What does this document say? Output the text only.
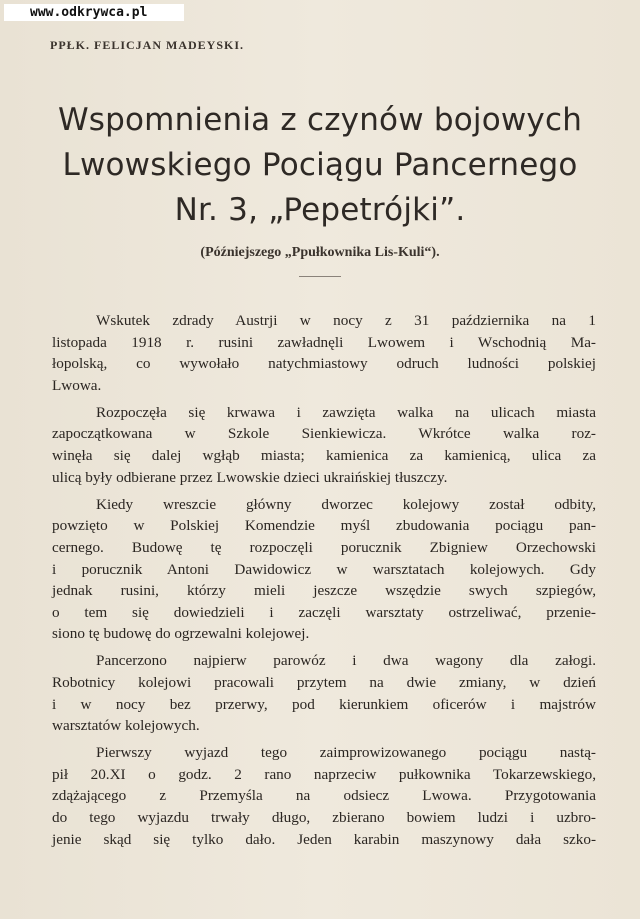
www.odkrywca.pl
PPŁK. FELICJAN MADEYSKI.
Wspomnienia z czynów bojowych
Lwowskiego Pociągu Pancernego
Nr. 3, „Pepetrójki”.
(Późniejszego „Ppułkownika Lis-Kuli“).
Wskutek zdrady Austrji w nocy z 31 października na 1
listopada 1918 r. rusini zawładnęli Lwowem i Wschodnią Ma-
łopolską, co wywołało natychmiastowy odruch ludności polskiej
Lwowa.
Rozpoczęła się krwawa i zawzięta walka na ulicach miasta
zapoczątkowana w Szkole Sienkiewicza. Wkrótce walka roz-
winęła się dalej wgłąb miasta; kamienica za kamienicą, ulica za
ulicą były odbierane przez Lwowskie dzieci ukraińskiej tłuszczy.
Kiedy wreszcie główny dworzec kolejowy został odbity,
powzięto w Polskiej Komendzie myśl zbudowania pociągu pan-
cernego. Budowę tę rozpoczęli porucznik Zbigniew Orzechowski
i porucznik Antoni Dawidowicz w warsztatach kolejowych. Gdy
jednak rusini, którzy mieli jeszcze wszędzie swych szpiegów,
o tem się dowiedzieli i zaczęli warsztaty ostrzeliwać, przenie-
siono tę budowę do ogrzewalni kolejowej.
Pancerzono najpierw parowóz i dwa wagony dla załogi.
Robotnicy kolejowi pracowali przytem na dwie zmiany, w dzień
i w nocy bez przerwy, pod kierunkiem oficerów i majstrów
warsztatów kolejowych.
Pierwszy wyjazd tego zaimprowizowanego pociągu nastą-
pił 20.XI o godz. 2 rano naprzeciw pułkownika Tokarzewskiego,
zdążającego z Przemyśla na odsiecz Lwowa. Przygotowania
do tego wyjazdu trwały długo, zbierano bowiem ludzi i uzbro-
jenie skąd się tylko dało. Jeden karabin maszynowy dała szko-
